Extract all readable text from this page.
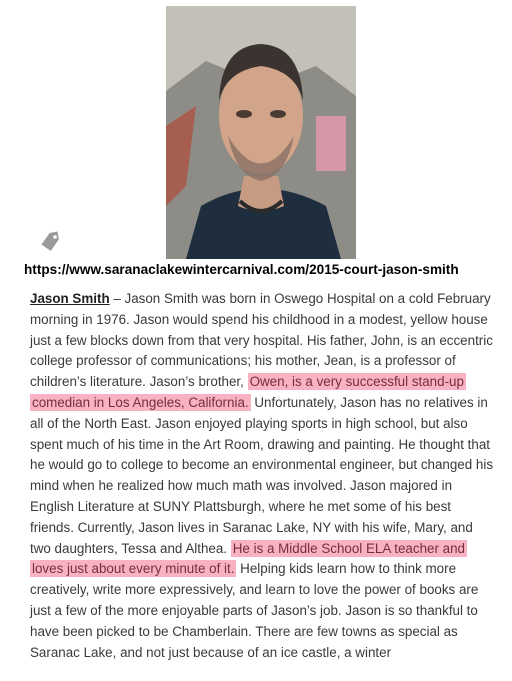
https://www.saranaclakewintercarnival.com/2015-court-jason-smith
Jason Smith – Jason Smith was born in Oswego Hospital on a cold February morning in 1976. Jason would spend his childhood in a modest, yellow house just a few blocks down from that very hospital. His father, John, is an eccentric college professor of communications; his mother, Jean, is a professor of children’s literature. Jason’s brother, Owen, is a very successful stand-up comedian in Los Angeles, California. Unfortunately, Jason has no relatives in all of the North East. Jason enjoyed playing sports in high school, but also spent much of his time in the Art Room, drawing and painting. He thought that he would go to college to become an environmental engineer, but changed his mind when he realized how much math was involved. Jason majored in English Literature at SUNY Plattsburgh, where he met some of his best friends. Currently, Jason lives in Saranac Lake, NY with his wife, Mary, and two daughters, Tessa and Althea. He is a Middle School ELA teacher and loves just about every minute of it. Helping kids learn how to think more creatively, write more expressively, and learn to love the power of books are just a few of the more enjoyable parts of Jason’s job. Jason is so thankful to have been picked to be Chamberlain. There are few towns as special as Saranac Lake, and not just because of an ice castle, a winter
